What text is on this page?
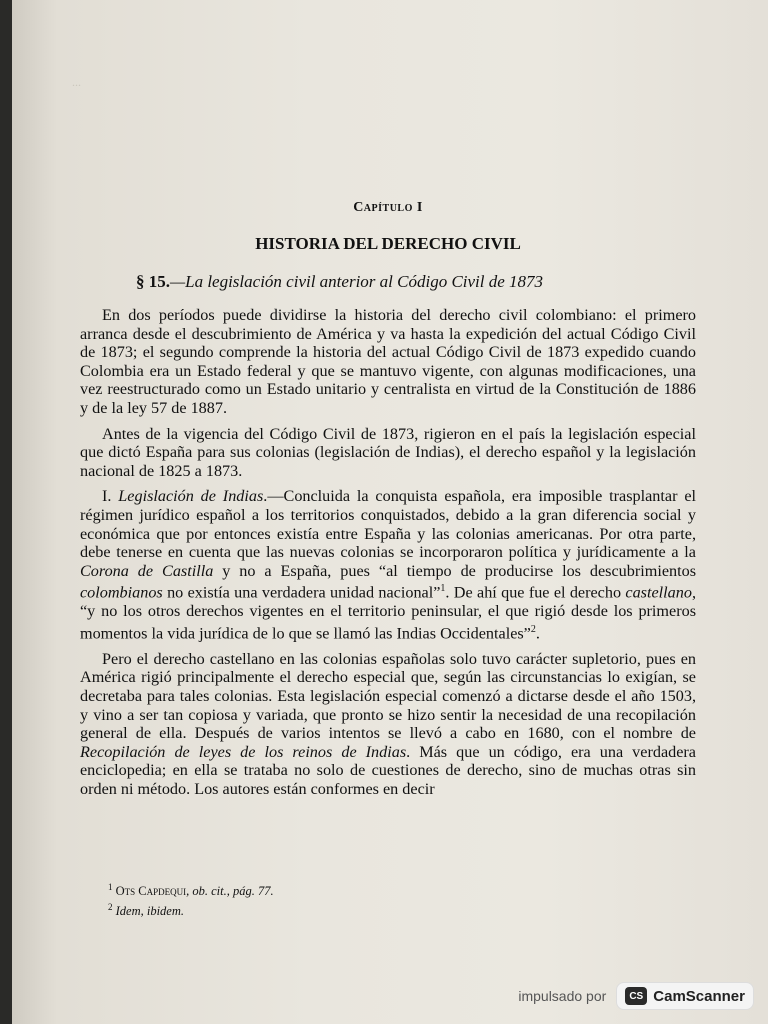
...
Capítulo I
HISTORIA DEL DERECHO CIVIL
§ 15.—La legislación civil anterior al Código Civil de 1873

En dos períodos puede dividirse la historia del derecho civil colombiano: el primero arranca desde el descubrimiento de América y va hasta la expedición del actual Código Civil de 1873; el segundo comprende la historia del actual Código Civil de 1873 expedido cuando Colombia era un Estado federal y que se mantuvo vigente, con algunas modificaciones, una vez reestructurado como un Estado unitario y centralista en virtud de la Constitución de 1886 y de la ley 57 de 1887.

Antes de la vigencia del Código Civil de 1873, rigieron en el país la legislación especial que dictó España para sus colonias (legislación de Indias), el derecho español y la legislación nacional de 1825 a 1873.

I. Legislación de Indias.—Concluida la conquista española, era imposible trasplantar el régimen jurídico español a los territorios conquistados, debido a la gran diferencia social y económica que por entonces existía entre España y las colonias americanas. Por otra parte, debe tenerse en cuenta que las nuevas colonias se incorporaron política y jurídicamente a la Corona de Castilla y no a España, pues “al tiempo de producirse los descubrimientos colombianos no existía una verdadera unidad nacional”$^1$. De ahí que fue el derecho castellano, “y no los otros derechos vigentes en el territorio peninsular, el que rigió desde los primeros momentos la vida jurídica de lo que se llamó las Indias Occidentales”$^2$.

Pero el derecho castellano en las colonias españolas solo tuvo carácter supletorio, pues en América rigió principalmente el derecho especial que, según las circunstancias lo exigían, se decretaba para tales colonias. Esta legislación especial comenzó a dictarse desde el año 1503, y vino a ser tan copiosa y variada, que pronto se hizo sentir la necesidad de una recopilación general de ella. Después de varios intentos se llevó a cabo en 1680, con el nombre de Recopilación de leyes de los reinos de Indias. Más que un código, era una verdadera enciclopedia; en ella se trataba no solo de cuestiones de derecho, sino de muchas otras sin orden ni método. Los autores están conformes en decir

$^1$ Ots Capdequi, ob. cit., pág. 77.
$^2$ Idem, ibidem.
impulsado por	CS CamScanner
